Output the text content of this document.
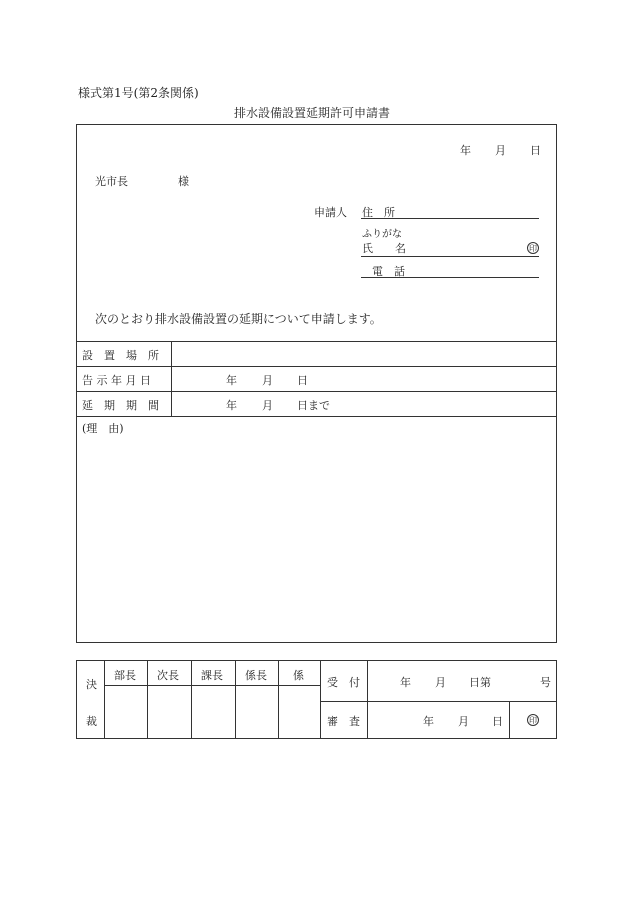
様式第1号(第2条関係)
排水設備設置延期許可申請書
年 月 日
光市長	様
申請人 住　所
ふりがな
氏　　名	印
電　話
次のとおり排水設備設置の延期について申請します。
設　置　場　所
告 示 年 月 日	年 月 日
延　期　期　間	年 月 日まで
(理　由)
決
裁
部長 次長 課長 係長 係
受　付	年 月 日第	号
審　査	年 月 日	印
